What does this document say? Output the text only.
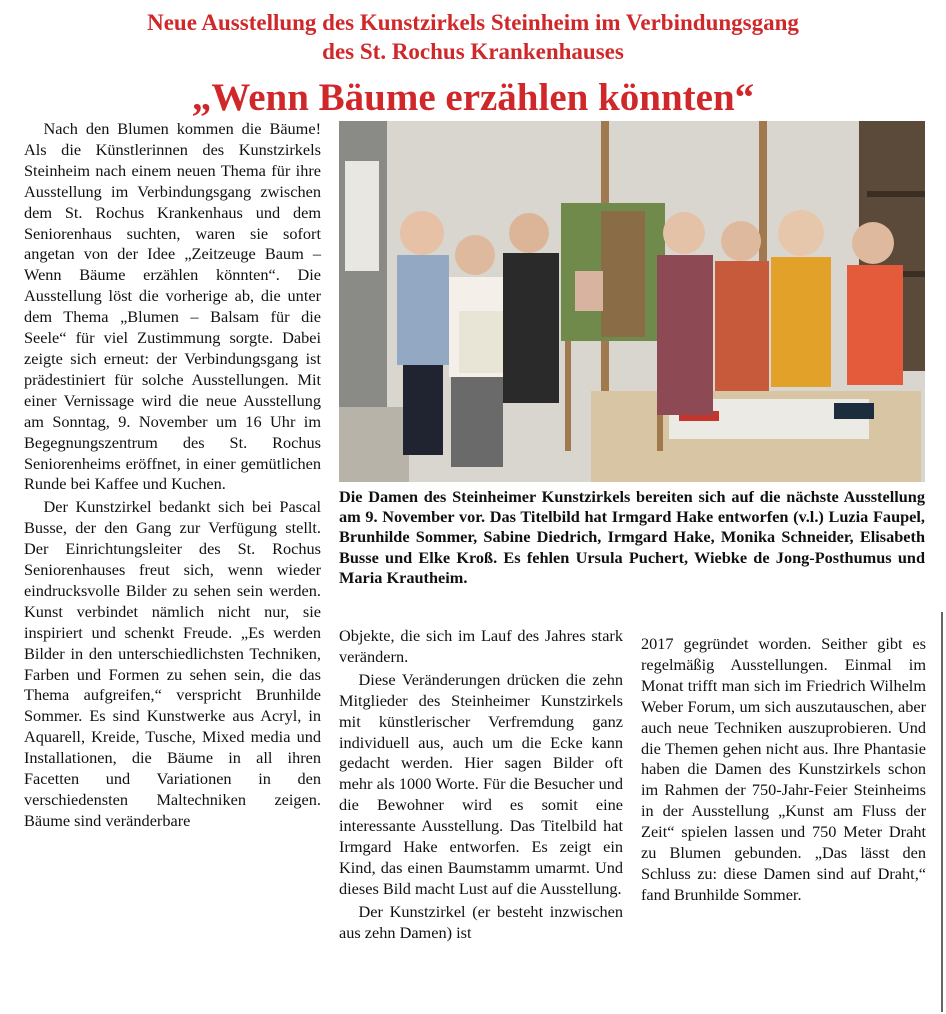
Neue Ausstellung des Kunstzirkels Steinheim im Verbindungsgang
des St. Rochus Krankenhauses
„Wenn Bäume erzählen könnten“

Nach den Blumen kommen die Bäume! Als die Künstlerinnen des Kunstzirkels Steinheim nach einem neuen Thema für ihre Ausstellung im Verbindungsgang zwischen dem St. Rochus Krankenhaus und dem Seniorenhaus suchten, waren sie sofort angetan von der Idee „Zeitzeuge Baum – Wenn Bäume erzählen könnten“. Die Ausstellung löst die vorherige ab, die unter dem Thema „Blumen – Balsam für die Seele“ für viel Zustimmung sorgte. Dabei zeigte sich erneut: der Verbindungsgang ist prädestiniert für solche Ausstellungen. Mit einer Vernissage wird die neue Ausstellung am Sonntag, 9. November um 16 Uhr im Begegnungszentrum des St. Rochus Seniorenheims eröffnet, in einer gemütlichen Runde bei Kaffee und Kuchen.

Der Kunstzirkel bedankt sich bei Pascal Busse, der den Gang zur Verfügung stellt. Der Einrichtungsleiter des St. Rochus Seniorenhauses freut sich, wenn wieder eindrucksvolle Bilder zu sehen sein werden. Kunst verbindet nämlich nicht nur, sie inspiriert und schenkt Freude. „Es werden Bilder in den unterschiedlichsten Techniken, Farben und Formen zu sehen sein, die das Thema aufgreifen,“ verspricht Brunhilde Sommer. Es sind Kunstwerke aus Acryl, in Aquarell, Kreide, Tusche, Mixed media und Installationen, die Bäume in all ihren Facetten und Variationen in den verschiedensten Maltechniken zeigen. Bäume sind veränderbare

Die Damen des Steinheimer Kunstzirkels bereiten sich auf die nächste Ausstellung am 9. November vor. Das Titelbild hat Irmgard Hake entworfen (v.l.) Luzia Faupel, Brunhilde Sommer, Sabine Diedrich, Irmgard Hake, Monika Schneider, Elisabeth Busse und Elke Kroß. Es fehlen Ursula Puchert, Wiebke de Jong-Posthumus und Maria Krautheim.

Objekte, die sich im Lauf des Jahres stark verändern.

Diese Veränderungen drücken die zehn Mitglieder des Steinheimer Kunstzirkels mit künstlerischer Verfremdung ganz individuell aus, auch um die Ecke kann gedacht werden. Hier sagen Bilder oft mehr als 1000 Worte. Für die Besucher und die Bewohner wird es somit eine interessante Ausstellung. Das Titelbild hat Irmgard Hake entworfen. Es zeigt ein Kind, das einen Baumstamm umarmt. Und dieses Bild macht Lust auf die Ausstellung.

Der Kunstzirkel (er besteht inzwischen aus zehn Damen) ist

2017 gegründet worden. Seither gibt es regelmäßig Ausstellungen. Einmal im Monat trifft man sich im Friedrich Wilhelm Weber Forum, um sich auszutauschen, aber auch neue Techniken auszuprobieren. Und die Themen gehen nicht aus. Ihre Phantasie haben die Damen des Kunstzirkels schon im Rahmen der 750-Jahr-Feier Steinheims in der Ausstellung „Kunst am Fluss der Zeit“ spielen lassen und 750 Meter Draht zu Blumen gebunden. „Das lässt den Schluss zu: diese Damen sind auf Draht,“ fand Brunhilde Sommer.
